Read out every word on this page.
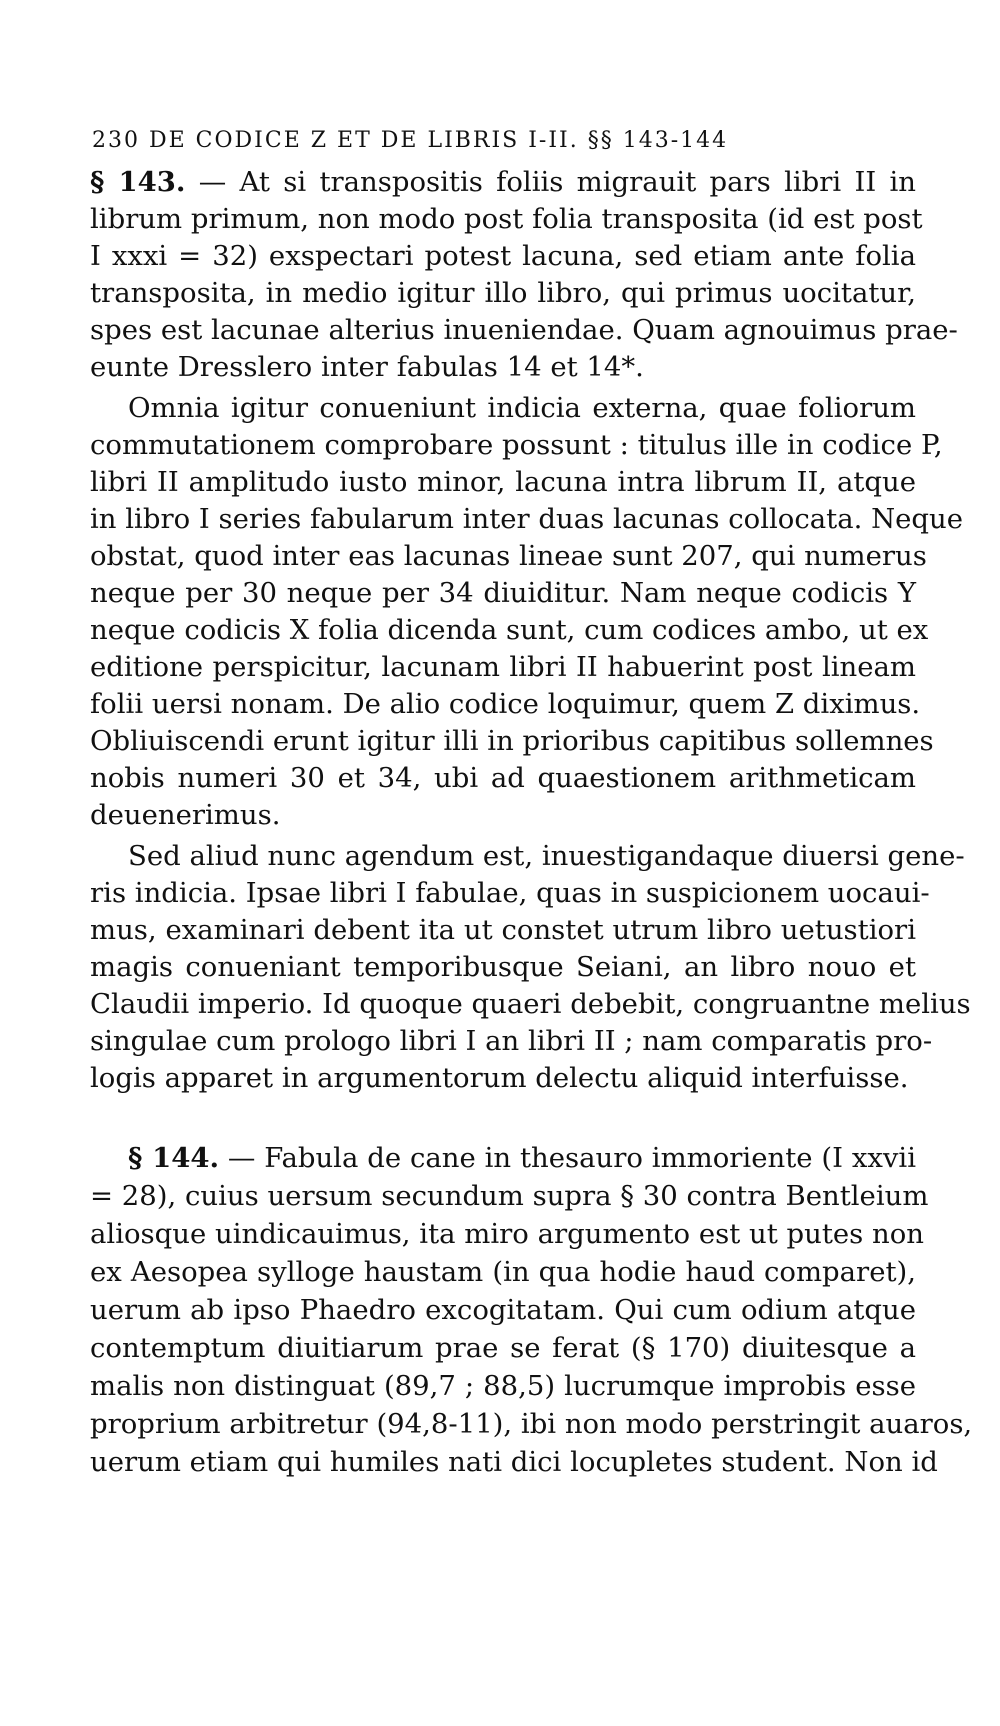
230 DE CODICE Z ET DE LIBRIS I-II. §§ 143-144
§ 143. — At si transpositis foliis migrauit pars libri II in
librum primum, non modo post folia transposita (id est post
I xxxi = 32) exspectari potest lacuna, sed etiam ante folia
transposita, in medio igitur illo libro, qui primus uocitatur,
spes est lacunae alterius inueniendae. Quam agnouimus prae-
eunte Dresslero inter fabulas 14 et 14*.
Omnia igitur conueniunt indicia externa, quae foliorum
commutationem comprobare possunt : titulus ille in codice P,
libri II amplitudo iusto minor, lacuna intra librum II, atque
in libro I series fabularum inter duas lacunas collocata. Neque
obstat, quod inter eas lacunas lineae sunt 207, qui numerus
neque per 30 neque per 34 diuiditur. Nam neque codicis Y
neque codicis X folia dicenda sunt, cum codices ambo, ut ex
editione perspicitur, lacunam libri II habuerint post lineam
folii uersi nonam. De alio codice loquimur, quem Z diximus.
Obliuiscendi erunt igitur illi in prioribus capitibus sollemnes
nobis numeri 30 et 34, ubi ad quaestionem arithmeticam
deuenerimus.
Sed aliud nunc agendum est, inuestigandaque diuersi gene-
ris indicia. Ipsae libri I fabulae, quas in suspicionem uocaui-
mus, examinari debent ita ut constet utrum libro uetustiori
magis conueniant temporibusque Seiani, an libro nouo et
Claudii imperio. Id quoque quaeri debebit, congruantne melius
singulae cum prologo libri I an libri II ; nam comparatis pro-
logis apparet in argumentorum delectu aliquid interfuisse.
§ 144. — Fabula de cane in thesauro immoriente (I xxvii
= 28), cuius uersum secundum supra § 30 contra Bentleium
aliosque uindicauimus, ita miro argumento est ut putes non
ex Aesopea sylloge haustam (in qua hodie haud comparet),
uerum ab ipso Phaedro excogitatam. Qui cum odium atque
contemptum diuitiarum prae se ferat (§ 170) diuitesque a
malis non distinguat (89,7 ; 88,5) lucrumque improbis esse
proprium arbitretur (94,8-11), ibi non modo perstringit auaros,
uerum etiam qui humiles nati dici locupletes student. Non id
